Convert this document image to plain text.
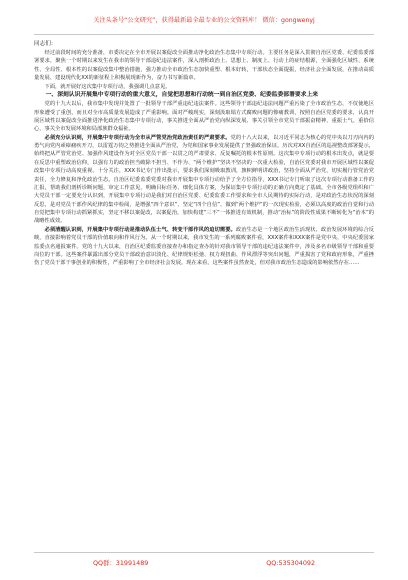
关注头条号“公文研究”，获得最新最全最专业的公文资料库！ 微信：gongwenyj
同志们：

经过前段时间的充分准备，市委决定在全市开展以案促改全面推动净化政治生态集中专项行动。主要任务是深入贯彻自治区党委、纪委监委部署要求，聚焦一个时期以来发生在我市的领导干部违纪违法案件，深入剖析政治上、思想上、制度上、行动上的症结根源，全面强化区域性、系统性、全局性、根本性的以案促改集中整治措施，强力推动全市政治生态加快重塑、根本好转，干部状态全面提振，经济社会全面发展，在推动高质量发展、建设现代化XX的新征程上积极展现新作为，奋力书写新篇章。

下面，就开展好这次集中专项行动，我强调几点意见。

一、深刻认识开展集中专项行动的重大意义，自觉把思想和行动统一到自治区党委、纪委监委部署要求上来

党的十九大以后，我市集中发现并处置了一批领导干部严重违纪违法案件。这些领导干部违纪违法问题严重污染了全市政治生态，不仅使地区形象遭受了重创，而且对全市高质量发展造成了严重影响。面对严峻现实，深刻汲取塌方式腐败问题的惨痛教训，按照自治区党委的要求，认真开展区域性以案促改全面推进净化政治生态集中专项行动，事关推进全面从严治党向纵深发展、事关引领全市党员干部振奋精神、重振士气、重拾信心，事关全市发展环境和局部族群众福祉。

必须充分认识到，开展集中专项行动为全市从严管党治党政治责任的严肃要求。党的十八大以来，以习近平同志为核心的党中央以刀刃向内的勇气向党内顽瘴痼疾开刀，以雷霆万钧之势推进全面从严治党，为党和国家事业发展提供了坚强政治保证。历次对XX自治区的巡视整改部署提示，始终把从严管党治党、加强作风建设作为对全区党员干部一以贯之的严肃要求、反复嘱托的根本性原则。这次集中专项行动的根本出发点，就是要在反思中重塑政治信仰，以强有力的政治担当破除不担当、不作为、“两个维护”坚决不坚决的一次重大检验，自治区党委对我市开展区域性以案促改集中专项行动高度重视、十分关注，XXX书记专门作出批示，要求我们深刻吸取教训，旗帜鲜明讲政治，坚持全面从严治党，切实履行管党治党责任，全力修复和净化政治生态。自治区纪委监委党委对我市开展集中专项行动给予了全方位指导，XXX书记专门听取了这次专项行动准备工作的汇报，帮助我们剖析诊断问题，审定工作意见，明确目标任务、细化具体方案，为保证集中专项行动的正确方向奠定了基础。全市各级党组织和广大党员干部一定要充分认识到，开展集中专项行动是我们对自治区党委、纪委监委工作要求和全市人民期待的实际行动，是对政治生态状况的深刻反思，是对党员干部作风纪律的集中检阅，是增强“四个意识”、坚定“四个自信”、做到“两个维护”的一次现实检验，必须以高度的政治自觉和行动自觉把集中专项行动抓紧抓实，坚定不移以案促改，以案促治，加快构建“三不”一体推进有效机制，推动“治标”的阶段性成果不断转化为“治本”的战略性成效。

必须清醒认识到，开展集中专项行动是推动队伍士气、转变干部作风的迫切需要。政治生态是一个地区政治生活现状、政治发展环境的综合反映，直接影响着党员干部的价值取向和作风行为。从一个时期以来，我市发生的一系列腐败案件看，XXX案件和XXX案件是党中央、中央纪委国家监委点名通报案件。党的十九大以来，自治区纪委监委直接查办和指定查办的针对我市领导干部的违纪违法案件中，涉及多名市级领导干部和重要岗位的干部。这些案件暴露出部分党员干部政治意识淡化、纪律规矩松弛、权力观扭曲、作风漂浮等突出问题，严重损害了党和政府形象，严重挫伤了党员干部干事创业的积极性，严重影响了全市经济社会发展。现在来看，这些案件虽然查处，但对我市政治生态造成的影响依然存在……

QQ群：31991489	QQ:535304092
